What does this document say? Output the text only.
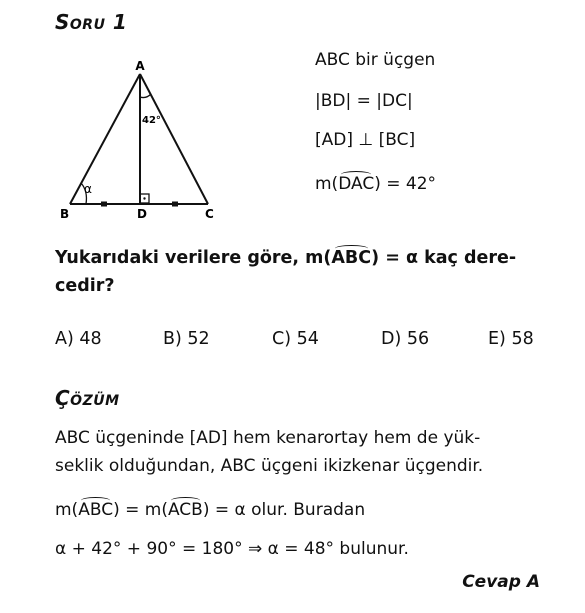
Soru 1
A
B	D	C
42°
α
ABC bir üçgen
|BD| = |DC|
[AD] ⊥ [BC]
m(DAC) = 42°
Yukarıdaki verilere göre, m(ABC) = α kaç dere-
cedir?
A) 48	B) 52	C) 54	D) 56	E) 58
Çözüm
ABC üçgeninde [AD] hem kenarortay hem de yük-
seklik olduğundan, ABC üçgeni ikizkenar üçgendir.
m(ABC) = m(ACB) = α olur. Buradan
α + 42° + 90° = 180° ⇒ α = 48° bulunur.
Cevap A
